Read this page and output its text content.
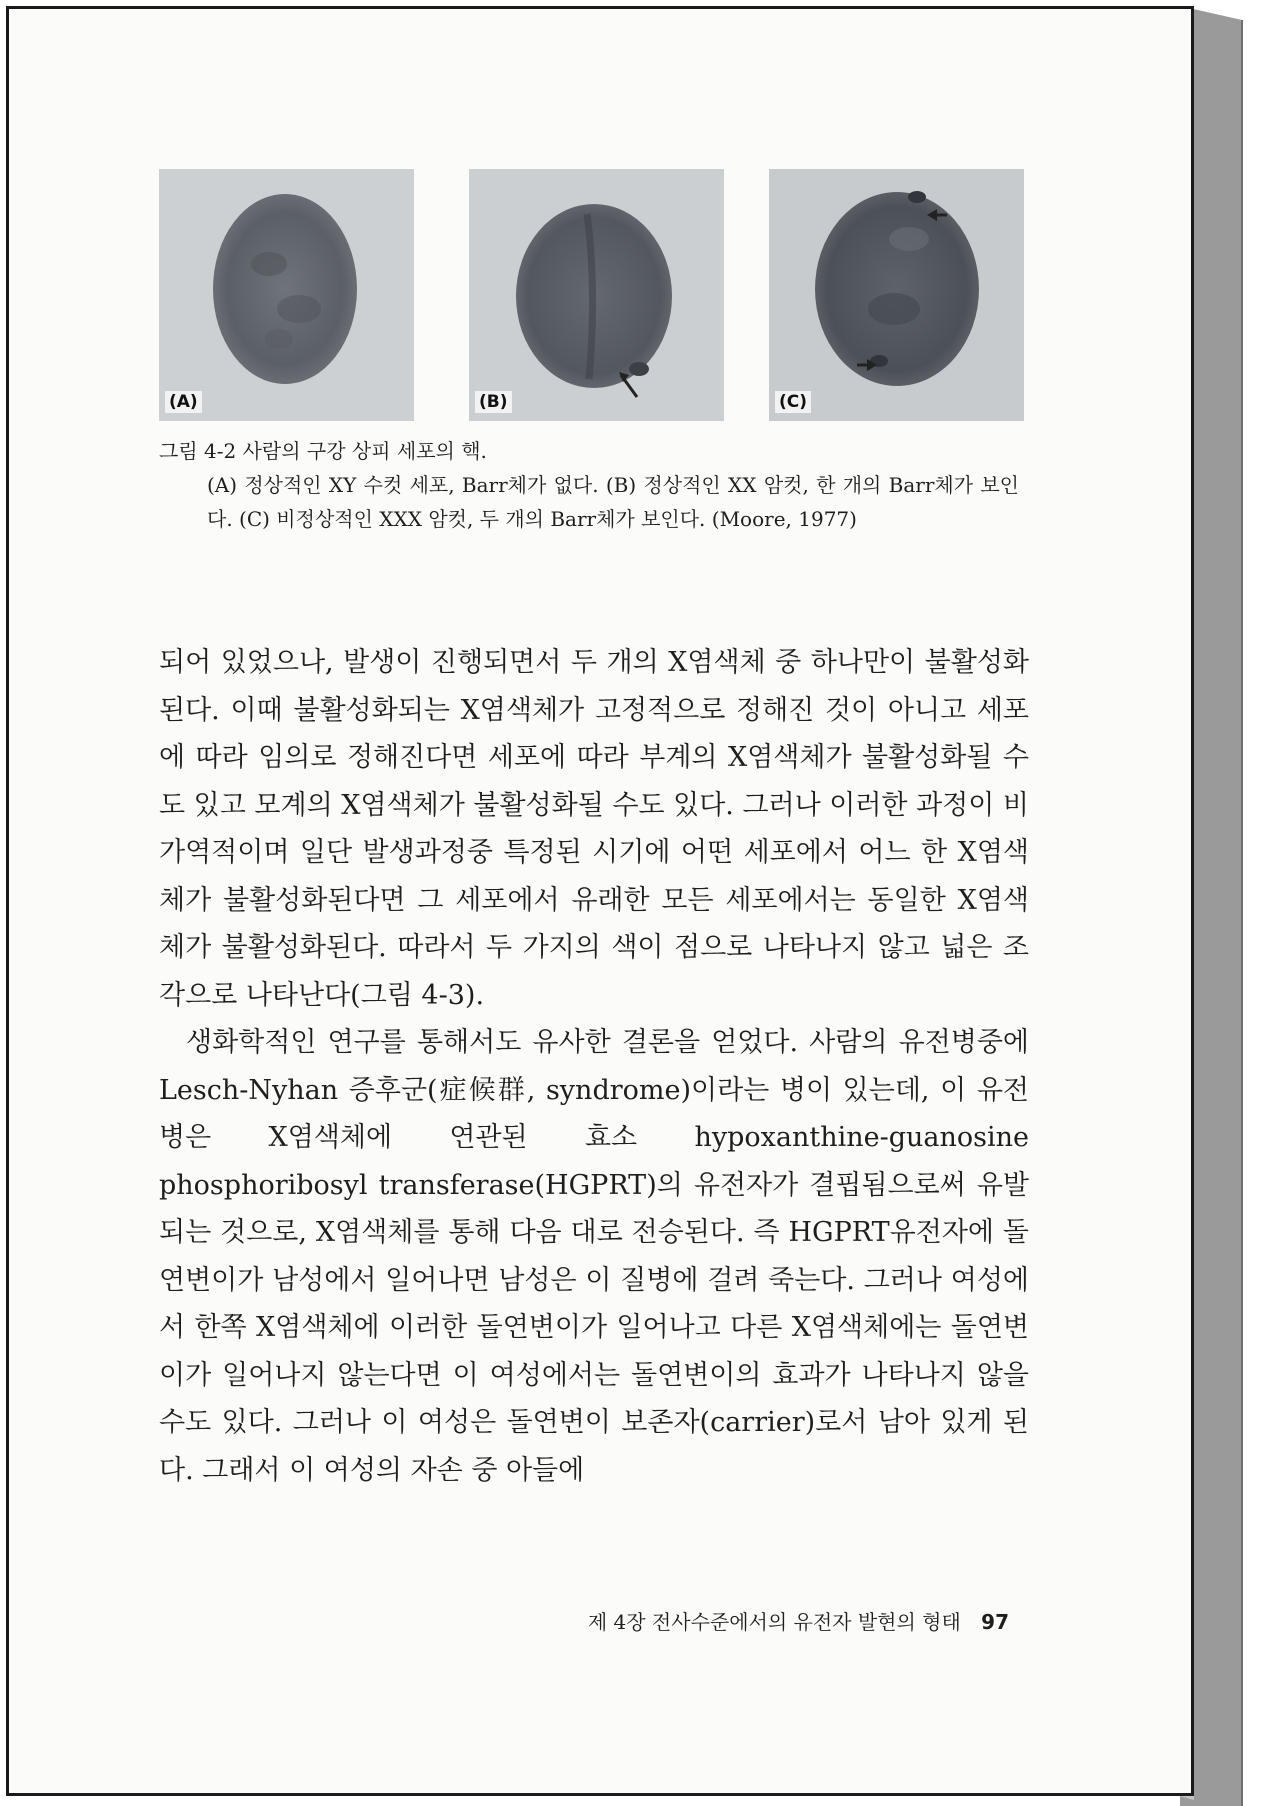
(A)	(B)	(C)
그림 4-2 사람의 구강 상피 세포의 핵.
(A) 정상적인 XY 수컷 세포, Barr체가 없다. (B) 정상적인 XX 암컷, 한 개의 Barr체가 보인다. (C) 비정상적인 XXX 암컷, 두 개의 Barr체가 보인다. (Moore, 1977)

되어 있었으나, 발생이 진행되면서 두 개의 X염색체 중 하나만이 불활성화된다. 이때 불활성화되는 X염색체가 고정적으로 정해진 것이 아니고 세포에 따라 임의로 정해진다면 세포에 따라 부계의 X염색체가 불활성화될 수도 있고 모계의 X염색체가 불활성화될 수도 있다. 그러나 이러한 과정이 비가역적이며 일단 발생과정중 특정된 시기에 어떤 세포에서 어느 한 X염색체가 불활성화된다면 그 세포에서 유래한 모든 세포에서는 동일한 X염색체가 불활성화된다. 따라서 두 가지의 색이 점으로 나타나지 않고 넓은 조각으로 나타난다(그림 4-3).

생화학적인 연구를 통해서도 유사한 결론을 얻었다. 사람의 유전병중에 Lesch-Nyhan 증후군(症候群, syndrome)이라는 병이 있는데, 이 유전병은 X염색체에 연관된 효소 hypoxanthine-guanosine phosphoribosyl transferase(HGPRT)의 유전자가 결핍됨으로써 유발되는 것으로, X염색체를 통해 다음 대로 전승된다. 즉 HGPRT유전자에 돌연변이가 남성에서 일어나면 남성은 이 질병에 걸려 죽는다. 그러나 여성에서 한쪽 X염색체에 이러한 돌연변이가 일어나고 다른 X염색체에는 돌연변이가 일어나지 않는다면 이 여성에서는 돌연변이의 효과가 나타나지 않을 수도 있다. 그러나 이 여성은 돌연변이 보존자(carrier)로서 남아 있게 된다. 그래서 이 여성의 자손 중 아들에

제 4장 전사수준에서의 유전자 발현의 형태 97
